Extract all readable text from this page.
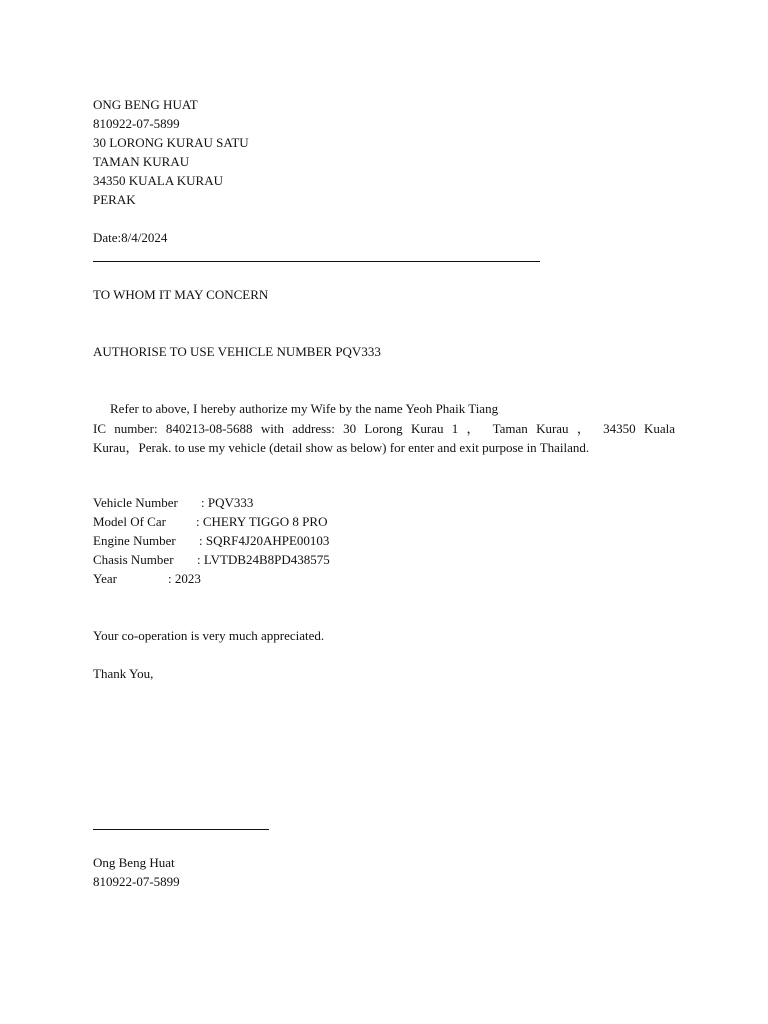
ONG BENG HUAT
810922-07-5899
30 LORONG KURAU SATU
TAMAN KURAU
34350 KUALA KURAU
PERAK
Date:8/4/2024
TO WHOM IT MAY CONCERN
AUTHORISE TO USE VEHICLE NUMBER PQV333
Refer to above, I hereby authorize my Wife by the name Yeoh Phaik Tiang
IC number: 840213-08-5688 with address: 30 Lorong Kurau 1 ， Taman Kurau ， 34350 Kuala
Kurau，Perak. to use my vehicle (detail show as below) for enter and exit purpose in Thailand.
Vehicle Number : PQV333
Model Of Car : CHERY TIGGO 8 PRO
Engine Number : SQRF4J20AHPE00103
Chasis Number : LVTDB24B8PD438575
Year	: 2023
Your co-operation is very much appreciated.
Thank You,
Ong Beng Huat
810922-07-5899
